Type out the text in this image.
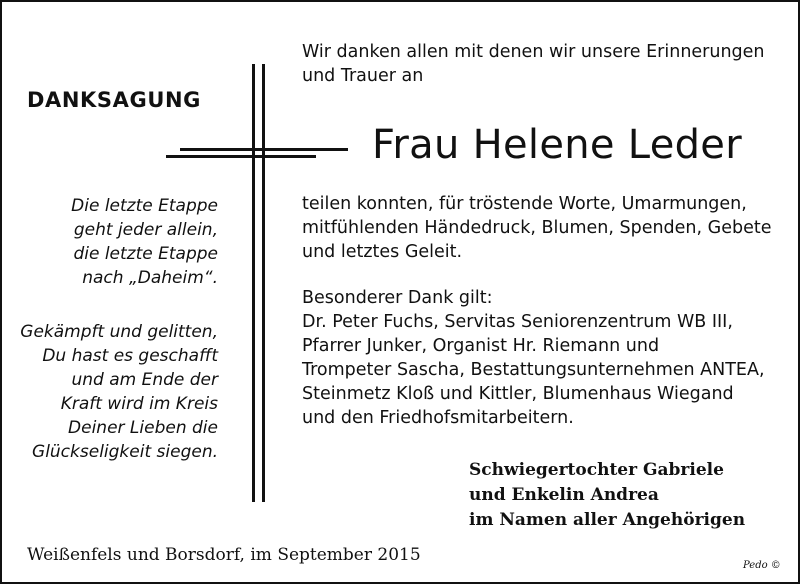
DANKSAGUNG
Wir danken allen mit denen wir unsere Erinnerungen
und Trauer an
Frau Helene Leder
teilen konnten, für tröstende Worte, Umarmungen,
mitfühlenden Händedruck, Blumen, Spenden, Gebete
und letztes Geleit.
Besonderer Dank gilt:
Dr. Peter Fuchs, Servitas Seniorenzentrum WB III,
Pfarrer Junker, Organist Hr. Riemann und
Trompeter Sascha, Bestattungsunternehmen ANTEA,
Steinmetz Kloß und Kittler, Blumenhaus Wiegand
und den Friedhofsmitarbeitern.
Die letzte Etappe
geht jeder allein,
die letzte Etappe
nach „Daheim“.
Gekämpft und gelitten,
Du hast es geschafft
und am Ende der
Kraft wird im Kreis
Deiner Lieben die
Glückseligkeit siegen.
Schwiegertochter Gabriele
und Enkelin Andrea
im Namen aller Angehörigen
Weißenfels und Borsdorf, im September 2015
Pedo ©
